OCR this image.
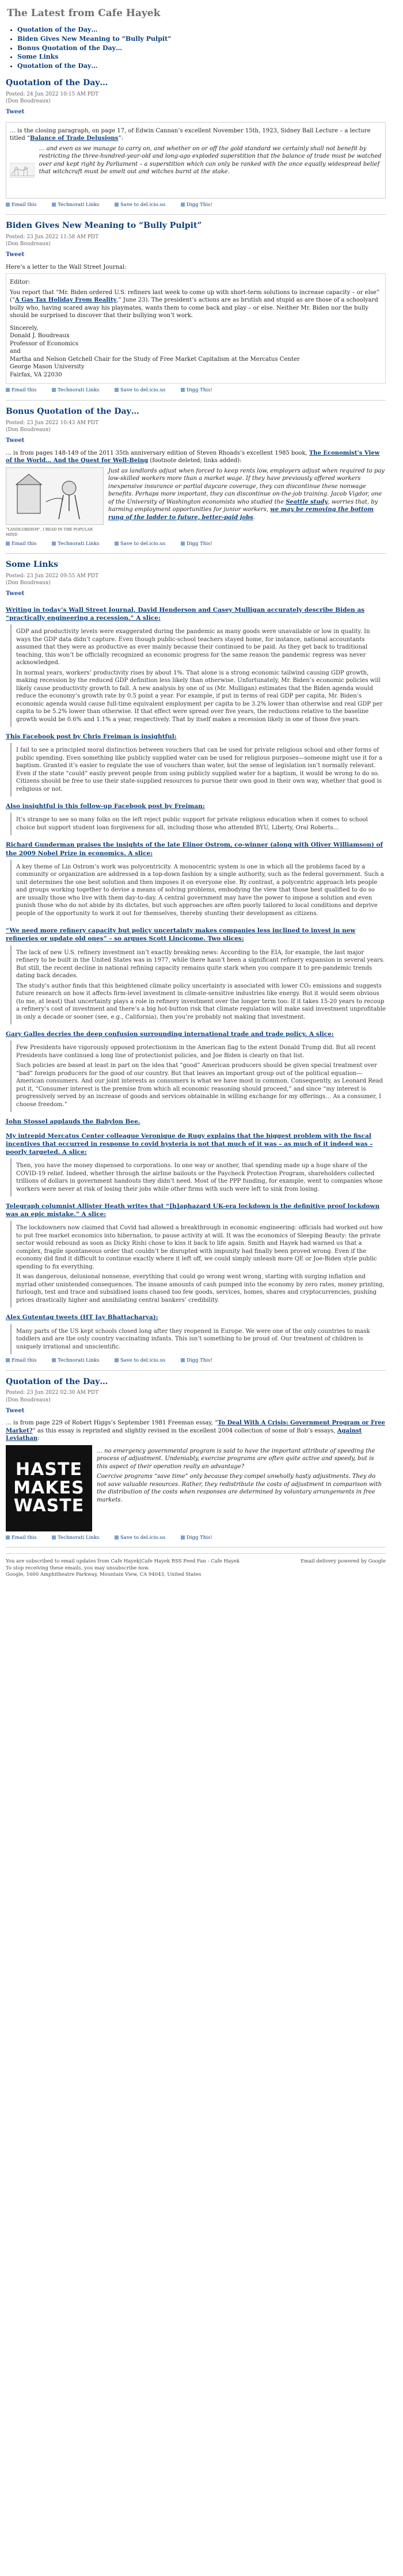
The Latest from Cafe Hayek
• Quotation of the Day…
• Biden Gives New Meaning to “Bully Pulpit”
• Bonus Quotation of the Day…
• Some Links
• Quotation of the Day…
Quotation of the Day…
Posted: 24 Jun 2022 10:15 AM PDT
(Don Boudreaux)
Tweet

… is the closing paragraph, on page 17, of Edwin Cannan’s excellent November 15th, 1923, Sidney Ball Lecture – a lecture titled “Balance of Trade Delusions”:

… and even as we manage to carry on, and whether on or off the gold standard we certainly shall not benefit by restricting the three-hundred-year-old and long-ago exploded superstition that the balance of trade must be watched over and kept right by Parliament – a superstition which can only be ranked with the once equally widespread belief that witchcraft must be smelt out and witches burnt at the stake.
Email this	Technorati Links	Save to del.icio.us	Digg This!
Biden Gives New Meaning to “Bully Pulpit”
Posted: 23 Jun 2022 11:58 AM PDT
(Don Boudreaux)
Tweet

Here’s a letter to the Wall Street Journal:

Editor:

You report that “Mr. Biden ordered U.S. refiners last week to come up with short-term solutions to increase capacity – or else” (“A Gas Tax Holiday From Reality,” June 23). The president’s actions are as brutish and stupid as are those of a schoolyard bully who, having scared away his playmates, wants them to come back and play – or else. Neither Mr. Biden nor the bully should be surprised to discover that their bullying won’t work.

Sincerely,
Donald J. Boudreaux
Professor of Economics
and
Martha and Nelson Getchell Chair for the Study of Free Market Capitalism at the Mercatus Center
George Mason University
Fairfax, VA 22030

Email this	Technorati Links	Save to del.icio.us	Digg This!
Bonus Quotation of the Day…
Posted: 23 Jun 2022 10:43 AM PDT
(Don Boudreaux)
Tweet

… is from pages 148-149 of the 2011 35th anniversary edition of Steven Rhoads’s excellent 1985 book, The Economist’s View of the World… And the Quest for Well-Being (footnote deleted; links added):

“LANDLORDISM”, I READ IN THE POPULAR MIND
Just as landlords adjust when forced to keep rents low, employers adjust when required to pay low-skilled workers more than a market wage. If they have previously offered workers inexpensive insurance or partial daycare coverage, they can discontinue these nonwage benefits. Perhaps more important, they can discontinue on-the-job training. Jacob Vigdor, one of the University of Washington economists who studied the Seattle study, worries that, by harming employment opportunities for junior workers, we may be removing the bottom rung of the ladder to future, better-paid jobs.
Email this	Technorati Links	Save to del.icio.us	Digg This!
Some Links
Posted: 23 Jun 2022 09:55 AM PDT
(Don Boudreaux)
Tweet
Writing in today’s Wall Street Journal, David Henderson and Casey Mulligan accurately describe Biden as “practically engineering a recession.” A slice:

GDP and productivity levels were exaggerated during the pandemic as many goods were unavailable or low in quality. In ways the GDP data didn’t capture. Even though public-school teachers stayed home, for instance, national accountants assumed that they were as productive as ever mainly because their continued to be paid. As they get back to traditional teaching, this won’t be officially recognized as economic progress for the same reason the pandemic regress was never acknowledged.

In normal years, workers’ productivity rises by about 1%. That alone is a strong economic tailwind causing GDP growth, making recession by the reduced GDP definition less likely than otherwise. Unfortunately, Mr. Biden’s economic policies will likely cause productivity growth to fall. A new analysis by one of us (Mr. Mulligan) estimates that the Biden agenda would reduce the economy’s growth rate by 0.5 point a year. For example, if put in terms of real GDP per capita, Mr. Biden’s economic agenda would cause full-time equivalent employment per capita to be 3.2% lower than otherwise and real GDP per capita to be 5.2% lower than otherwise. If that effect were spread over five years, the reductions relative to the baseline growth would be 0.6% and 1.1% a year, respectively. That by itself makes a recession likely in one of those five years.

This Facebook post by Chris Freiman is insightful:

I fail to see a principled moral distinction between vouchers that can be used for private religious school and other forms of public spending. Even something like publicly supplied water can be used for religious purposes—someone might use it for a baptism. Granted it’s easier to regulate the use of vouchers than water, but the sense of legislation isn’t normally relevant. Even if the state “could” easily prevent people from using publicly supplied water for a baptism, it would be wrong to do so. Citizens should be free to use their state-supplied resources to pursue their own good in their own way, whether that good is religious or not.

Also insightful is this follow-up Facebook post by Freiman:

It’s strange to see so many folks on the left reject public support for private religious education when it comes to school choice but support student loan forgiveness for all, including those who attended BYU, Liberty, Oral Roberts…

Richard Gunderman praises the insights of the late Elinor Ostrom, co-winner (along with Oliver Williamson) of the 2009 Nobel Prize in economics. A slice:

A key theme of Lin Ostrom’s work was polycentricity. A monocentric system is one in which all the problems faced by a community or organization are addressed in a top-down fashion by a single authority, such as the federal government. Such a unit determines the one best solution and then imposes it on everyone else. By contrast, a polycentric approach lets people and groups working together to devise a means of solving problems, embodying the view that those best qualified to do so are usually those who live with them day-to-day. A central government may have the power to impose a solution and even punish those who do not abide by its dictates, but such approaches are often poorly tailored to local conditions and deprive people of the opportunity to work it out for themselves, thereby stunting their development as citizens.

“We need more refinery capacity but policy uncertainty makes companies less inclined to invest in new refineries or update old ones” – so argues Scott Lincicome. Two slices:

The lack of new U.S. refinery investment isn’t exactly breaking news: According to the EIA, for example, the last major refinery to be built in the United States was in 1977, while there hasn’t been a significant refinery expansion in several years. But still, the recent decline in national refining capacity remains quite stark when you compare it to pre-pandemic trends dating back decades.

The study’s author finds that this heightened climate policy uncertainty is associated with lower CO₂ emissions and suggests future research on how it affects firm-level investment in climate-sensitive industries like energy. But it would seem obvious (to me, at least) that uncertainty plays a role in refinery investment over the longer term too: If it takes 15-20 years to recoup a refinery’s cost of investment and there’s a big hot-button risk that climate regulation will make said investment unprofitable in only a decade or sooner (see, e.g., California), then you’re probably not making that investment.

Gary Galles decries the deep confusion surrounding international trade and trade policy. A slice:

Few Presidents have vigorously opposed protectionism in the American flag to the extent Donald Trump did. But all recent Presidents have continued a long line of protectionist policies, and Joe Biden is clearly on that list.

Such policies are based at least in part on the idea that “good” American producers should be given special treatment over “bad” foreign producers for the good of our country. But that leaves an important group out of the political equation—American consumers. And our joint interests as consumers is what we have most in common. Consequently, as Leonard Read put it, “Consumer interest is the premise from which all economic reasoning should proceed,” and since “my interest is progressively served by an increase of goods and services obtainable in willing exchange for my offerings… As a consumer, I choose freedom.”

John Stossel applauds the Babylon Bee.
My intrepid Mercatus Center colleague Veronique de Rugy explains that the biggest problem with the fiscal incentives that occurred in response to covid hysteria is not that much of it was – as much of it indeed was – poorly targeted. A slice:

Then, you have the money dispensed to corporations. In one way or another, that spending made up a huge share of the COVID-19 relief. Indeed, whether through the airline bailouts or the Paycheck Protection Program, shareholders collected trillions of dollars in government handouts they didn’t need. Most of the PPP funding, for example, went to companies whose workers were never at risk of losing their jobs while other firms with such were left to sink from losing.

Telegraph columnist Allister Heath writes that “[h]aphazard UK-era lockdown is the definitive proof lockdown was an epic mistake.” A slice:

The lockdowners now claimed that Covid had allowed a breakthrough in economic engineering: officials had worked out how to put free market economics into hibernation, to pause activity at will. It was the economics of Sleeping Beauty: the private sector would rebound as soon as Dicky Rishi chose to kiss it back to life again. Smith and Hayek had warned us that a complex, fragile spontaneous order that couldn’t be disrupted with impunity had finally been proved wrong. Even if the economy did find it difficult to continue exactly where it left off, we could simply unleash more QE or Joe-Biden style public spending to fix everything.

It was dangerous, delusional nonsense, everything that could go wrong went wrong, starting with surging inflation and myriad other unintended consequences. The insane amounts of cash pumped into the economy by zero rates, money printing, furlough, test and trace and subsidised loans chased too few goods, services, homes, shares and cryptocurrencies, pushing prices drastically higher and annihilating central bankers’ credibility.

Alex Gutentag tweets (HT Jay Bhattacharya):

Many parts of the US kept schools closed long after they reopened in Europe. We were one of the only countries to mask toddlers and are the only country vaccinating infants. This isn’t something to be proud of. Our treatment of children is uniquely irrational and unscientific.

Email this	Technorati Links	Save to del.icio.us	Digg This!
Quotation of the Day…
Posted: 23 Jun 2022 02:30 AM PDT
(Don Boudreaux)
Tweet

… is from page 229 of Robert Higgs’s September 1981 Freeman essay, “To Deal With A Crisis: Government Program or Free Market?” as this essay is reprinted and slightly revised in the excellent 2004 collection of some of Bob’s essays, Against Leviathan:

HASTE
MAKES
WASTE

… no emergency governmental program is said to have the important attribute of speeding the process of adjustment. Undeniably, exercise programs are often quite active and speedy, but is this aspect of their operation really an advantage?

Coercive programs “save time” only because they compel unwholly hasty adjustments. They do not save valuable resources. Rather, they redistribute the costs of adjustment in comparison with the distribution of the costs when responses are determined by voluntary arrangements in free markets.

Email this	Technorati Links	Save to del.icio.us	Digg This!
You are subscribed to email updates from Cafe Hayek|Cafe Hayek RSS Feed Fan - Cafe Hayek
To stop receiving these emails, you may unsubscribe now.
Google, 1600 Amphitheatre Parkway, Mountain View, CA 94043, United States
Email delivery powered by Google
